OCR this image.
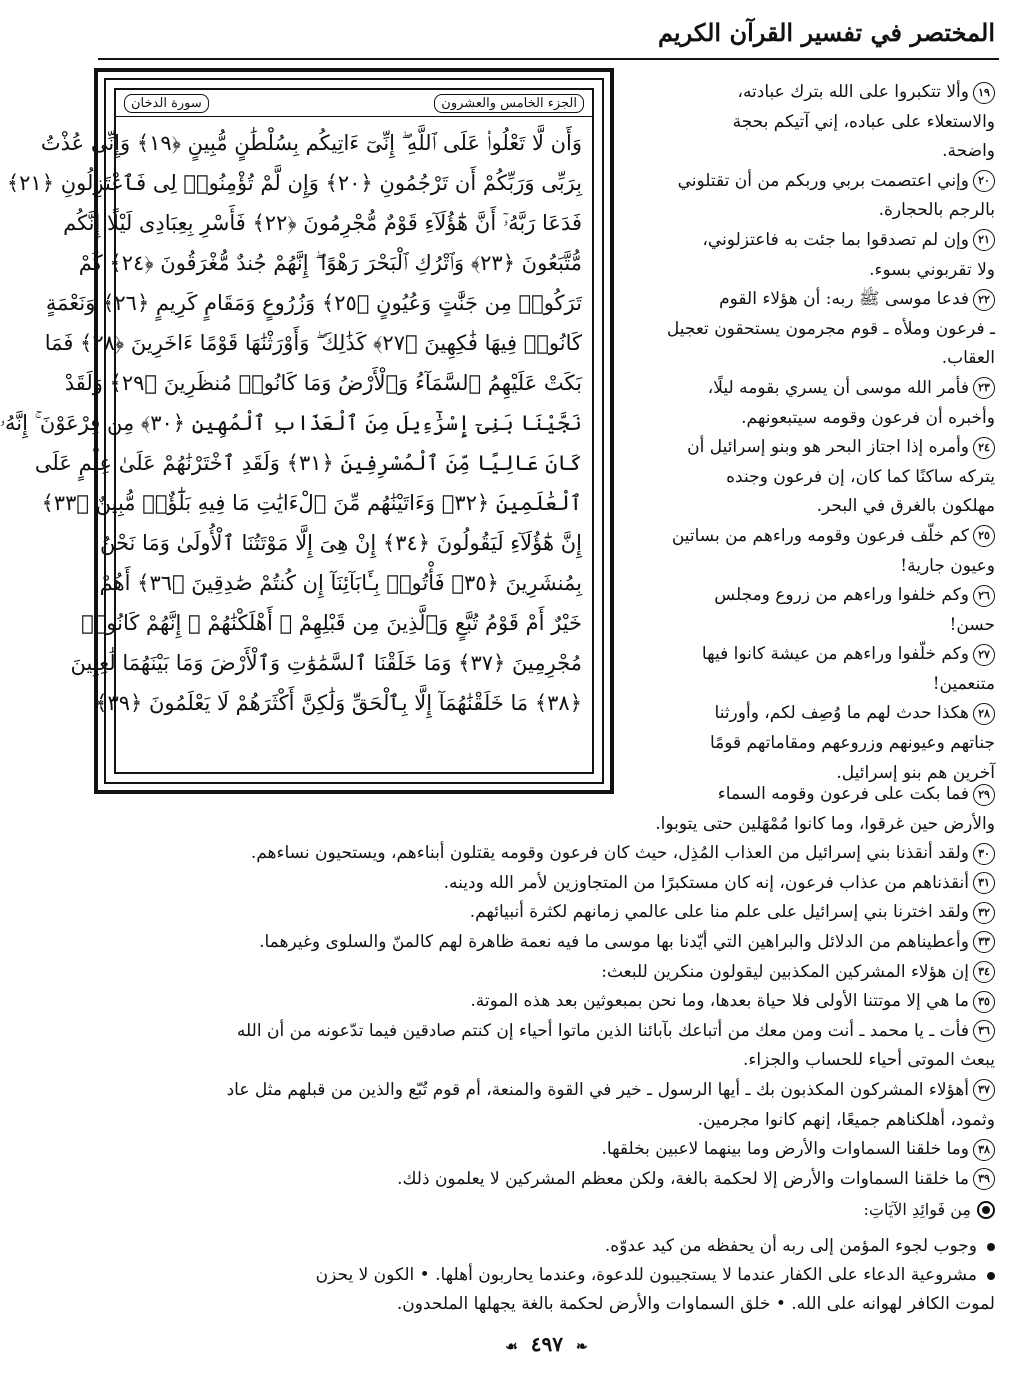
المختصر في تفسير القرآن الكريم
الجزء الخامس والعشرون
سورة الدخان
وَأَن لَّا تَعْلُوا۟ عَلَى ٱللَّهِ ۖ إِنِّىٓ ءَاتِيكُم بِسُلْطَٰنٍ مُّبِينٍ ﴿١٩﴾ وَإِنِّى عُذْتُ
بِرَبِّى وَرَبِّكُمْ أَن تَرْجُمُونِ ﴿٢٠﴾ وَإِن لَّمْ تُؤْمِنُوا۟ لِى فَٱعْتَزِلُونِ ﴿٢١﴾
فَدَعَا رَبَّهُۥٓ أَنَّ هَٰٓؤُلَآءِ قَوْمٌ مُّجْرِمُونَ ﴿٢٢﴾ فَأَسْرِ بِعِبَادِى لَيْلًا إِنَّكُم
مُّتَّبَعُونَ ﴿٢٣﴾ وَٱتْرُكِ ٱلْبَحْرَ رَهْوًا ۖ إِنَّهُمْ جُندٌ مُّغْرَقُونَ ﴿٢٤﴾ كَمْ
تَرَكُوا۟ مِن جَنَّٰتٍ وَعُيُونٍ ﴿٢٥﴾ وَزُرُوعٍ وَمَقَامٍ كَرِيمٍ ﴿٢٦﴾ وَنَعْمَةٍ
كَانُوا۟ فِيهَا فَٰكِهِينَ ﴿٢٧﴾ كَذَٰلِكَ ۖ وَأَوْرَثْنَٰهَا قَوْمًا ءَاخَرِينَ ﴿٢٨﴾ فَمَا
بَكَتْ عَلَيْهِمُ ٱلسَّمَآءُ وَٱلْأَرْضُ وَمَا كَانُوا۟ مُنظَرِينَ ﴿٢٩﴾ وَلَقَدْ
نَجَّيْنَا بَنِىٓ إِسْرَٰٓءِيلَ مِنَ ٱلْعَذَابِ ٱلْمُهِينِ ﴿٣٠﴾ مِن فِرْعَوْنَ ۚ إِنَّهُۥ
كَانَ عَالِيًا مِّنَ ٱلْمُسْرِفِينَ ﴿٣١﴾ وَلَقَدِ ٱخْتَرْنَٰهُمْ عَلَىٰ عِلْمٍ عَلَى
ٱلْعَٰلَمِينَ ﴿٣٢﴾ وَءَاتَيْنَٰهُم مِّنَ ٱلْءَايَٰتِ مَا فِيهِ بَلَٰٓؤٌا۟ مُّبِينٌ ﴿٣٣﴾
إِنَّ هَٰٓؤُلَآءِ لَيَقُولُونَ ﴿٣٤﴾ إِنْ هِىَ إِلَّا مَوْتَتُنَا ٱلْأُولَىٰ وَمَا نَحْنُ
بِمُنشَرِينَ ﴿٣٥﴾ فَأْتُوا۟ بِـَٔابَآئِنَآ إِن كُنتُمْ صَٰدِقِينَ ﴿٣٦﴾ أَهُمْ
خَيْرٌ أَمْ قَوْمُ تُبَّعٍ وَٱلَّذِينَ مِن قَبْلِهِمْ ۚ أَهْلَكْنَٰهُمْ ۖ إِنَّهُمْ كَانُوا۟
مُجْرِمِينَ ﴿٣٧﴾ وَمَا خَلَقْنَا ٱلسَّمَٰوَٰتِ وَٱلْأَرْضَ وَمَا بَيْنَهُمَا لَٰعِبِينَ
﴿٣٨﴾ مَا خَلَقْنَٰهُمَآ إِلَّا بِٱلْحَقِّ وَلَٰكِنَّ أَكْثَرَهُمْ لَا يَعْلَمُونَ ﴿٣٩﴾
١٩وألا تتكبروا على الله بترك عبادته،
والاستعلاء على عباده، إني آتيكم بحجة
واضحة.
٢٠وإني اعتصمت بربي وربكم من أن تقتلوني
بالرجم بالحجارة.
٢١وإن لم تصدقوا بما جئت به فاعتزلوني،
ولا تقربوني بسوء.
٢٢فدعا موسى ﷺ ربه: أن هؤلاء القوم
ـ فرعون وملأه ـ قوم مجرمون يستحقون تعجيل
العقاب.
٢٣فأمر الله موسى أن يسري بقومه ليلًا،
وأخبره أن فرعون وقومه سيتبعونهم.
٢٤وأمره إذا اجتاز البحر هو وبنو إسرائيل أن
يتركه ساكنًا كما كان، إن فرعون وجنده
مهلكون بالغرق في البحر.
٢٥كم خلّف فرعون وقومه وراءهم من بساتين
وعيون جارية!
٢٦وكم خلفوا وراءهم من زروع ومجلس
حسن!
٢٧وكم خلّفوا وراءهم من عيشة كانوا فيها
متنعمين!
٢٨هكذا حدث لهم ما وُصِف لكم، وأورثنا
جناتهم وعيونهم وزروعهم ومقاماتهم قومًا
آخرين هم بنو إسرائيل.
٢٩فما بكت على فرعون وقومه السماء
والأرض حين غرقوا، وما كانوا مُمْهَلين حتى يتوبوا.
٣٠ولقد أنقذنا بني إسرائيل من العذاب المُذِل، حيث كان فرعون وقومه يقتلون أبناءهم، ويستحيون نساءهم.
٣١أنقذناهم من عذاب فرعون، إنه كان مستكبرًا من المتجاوزين لأمر الله ودينه.
٣٢ولقد اخترنا بني إسرائيل على علم منا على عالمي زمانهم لكثرة أنبيائهم.
٣٣وأعطيناهم من الدلائل والبراهين التي أيّدنا بها موسى ما فيه نعمة ظاهرة لهم كالمنّ والسلوى وغيرهما.
٣٤إن هؤلاء المشركين المكذبين ليقولون منكرين للبعث:
٣٥ما هي إلا موتتنا الأولى فلا حياة بعدها، وما نحن بمبعوثين بعد هذه الموتة.
٣٦فأت ـ يا محمد ـ أنت ومن معك من أتباعك بآبائنا الذين ماتوا أحياء إن كنتم صادقين فيما تدّعونه من أن الله
يبعث الموتى أحياء للحساب والجزاء.
٣٧أهؤلاء المشركون المكذبون بك ـ أيها الرسول ـ خير في القوة والمنعة، أم قوم تُبّع والذين من قبلهم مثل عاد
وثمود، أهلكناهم جميعًا، إنهم كانوا مجرمين.
٣٨وما خلقنا السماوات والأرض وما بينهما لاعبين بخلقها.
٣٩ما خلقنا السماوات والأرض إلا لحكمة بالغة، ولكن معظم المشركين لا يعلمون ذلك.
مِن فَوائِدِ الآيَاتِ:
وجوب لجوء المؤمن إلى ربه أن يحفظه من كيد عدوّه.
مشروعية الدعاء على الكفار عندما لا يستجيبون للدعوة، وعندما يحاربون أهلها. • الكون لا يحزن
لموت الكافر لهوانه على الله. • خلق السماوات والأرض لحكمة بالغة يجهلها الملحدون.
❧ ٤٩٧ ☙
